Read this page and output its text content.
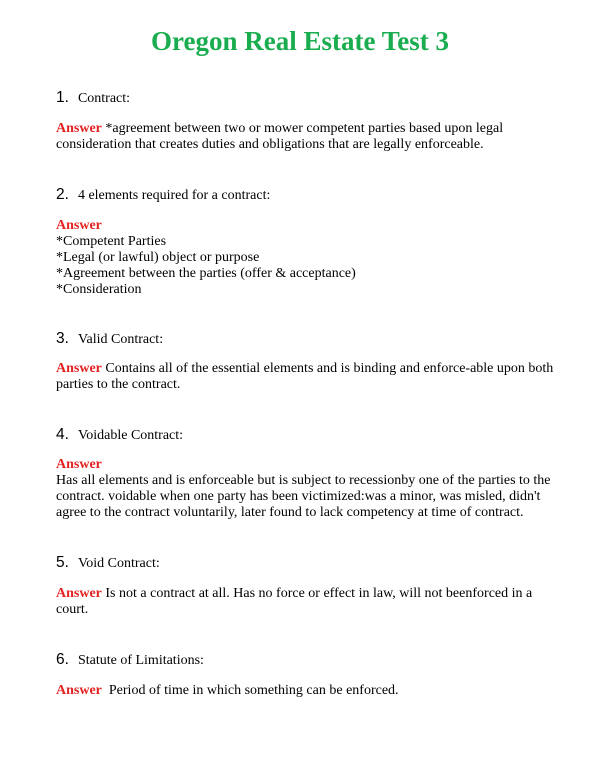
Oregon Real Estate Test 3
1. Contract:
Answer *agreement between two or mower competent parties based upon legal
consideration that creates duties and obligations that are legally enforceable.
2. 4 elements required for a contract:
Answer
*Competent Parties
*Legal (or lawful) object or purpose
*Agreement between the parties (offer & acceptance)
*Consideration
3. Valid Contract:
Answer Contains all of the essential elements and is binding and enforce-able upon both
parties to the contract.
4. Voidable Contract:
Answer
Has all elements and is enforceable but is subject to recessionby one of the parties to the
contract. voidable when one party has been victimized:was a minor, was misled, didn't
agree to the contract voluntarily, later found to lack competency at time of contract.
5. Void Contract:
Answer Is not a contract at all. Has no force or effect in law, will not beenforced in a
court.
6. Statute of Limitations:
Answer Period of time in which something can be enforced.
